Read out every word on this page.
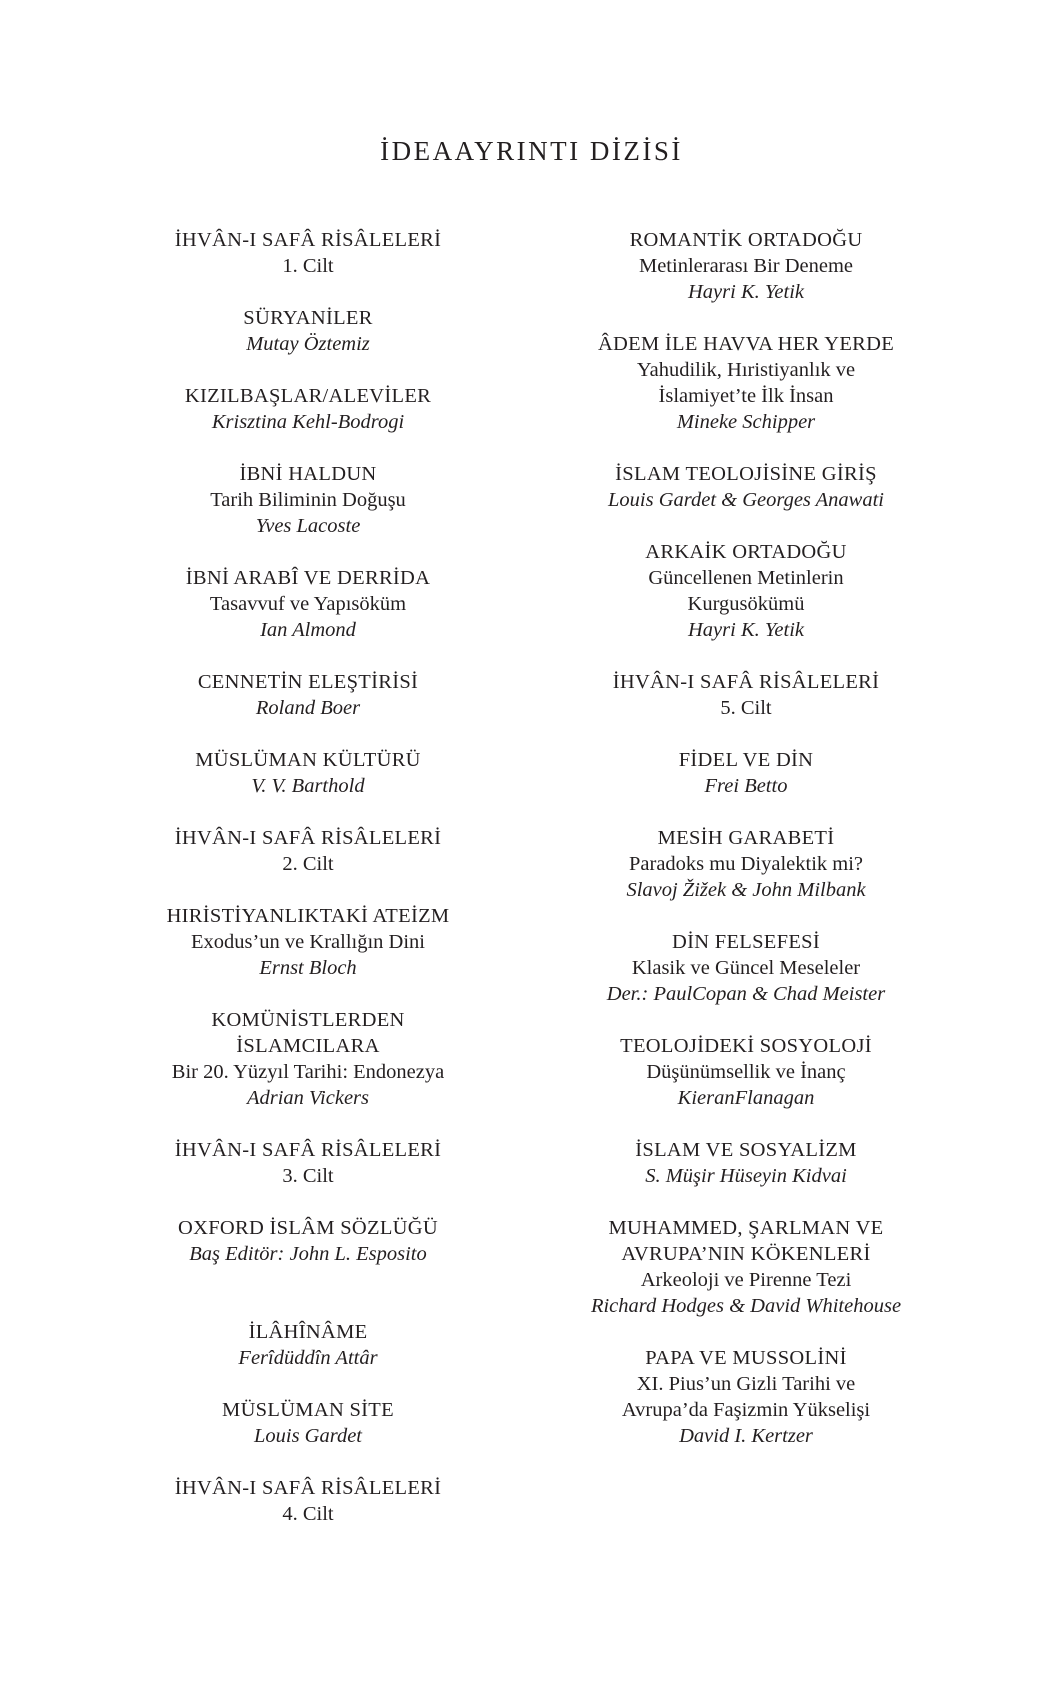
İDEAAYRINTI DİZİSİ
İHVÂN-I SAFÂ RİSÂLELERİ
1. Cilt
SÜRYANİLER
Mutay Öztemiz
KIZILBAŞLAR/ALEVİLER
Krisztina Kehl-Bodrogi
İBNİ HALDUN
Tarih Biliminin Doğuşu
Yves Lacoste
İBNİ ARABÎ VE DERRİDA
Tasavvuf ve Yapısöküm
Ian Almond
CENNETİN ELEŞTİRİSİ
Roland Boer
MÜSLÜMAN KÜLTÜRÜ
V. V. Barthold
İHVÂN-I SAFÂ RİSÂLELERİ
2. Cilt
HIRİSTİYANLIKTAKİ ATEİZM
Exodus’un ve Krallığın Dini
Ernst Bloch
KOMÜNİSTLERDEN
İSLAMCILARA
Bir 20. Yüzyıl Tarihi: Endonezya
Adrian Vickers
İHVÂN-I SAFÂ RİSÂLELERİ
3. Cilt
OXFORD İSLÂM SÖZLÜĞÜ
Baş Editör: John L. Esposito
İLÂHÎNÂME
Ferîdüddîn Attâr
MÜSLÜMAN SİTE
Louis Gardet
İHVÂN-I SAFÂ RİSÂLELERİ
4. Cilt
ROMANTİK ORTADOĞU
Metinlerarası Bir Deneme
Hayri K. Yetik
ÂDEM İLE HAVVA HER YERDE
Yahudilik, Hıristiyanlık ve
İslamiyet’te İlk İnsan
Mineke Schipper
İSLAM TEOLOJİSİNE GİRİŞ
Louis Gardet & Georges Anawati
ARKAİK ORTADOĞU
Güncellenen Metinlerin
Kurgusökümü
Hayri K. Yetik
İHVÂN-I SAFÂ RİSÂLELERİ
5. Cilt
FİDEL VE DİN
Frei Betto
MESİH GARABETİ
Paradoks mu Diyalektik mi?
Slavoj Žižek & John Milbank
DİN FELSEFESİ
Klasik ve Güncel Meseleler
Der.: PaulCopan & Chad Meister
TEOLOJİDEKİ SOSYOLOJİ
Düşünümsellik ve İnanç
KieranFlanagan
İSLAM VE SOSYALİZM
S. Müşir Hüseyin Kidvai
MUHAMMED, ŞARLMAN VE
AVRUPA’NIN KÖKENLERİ
Arkeoloji ve Pirenne Tezi
Richard Hodges & David Whitehouse
PAPA VE MUSSOLİNİ
XI. Pius’un Gizli Tarihi ve
Avrupa’da Faşizmin Yükselişi
David I. Kertzer
